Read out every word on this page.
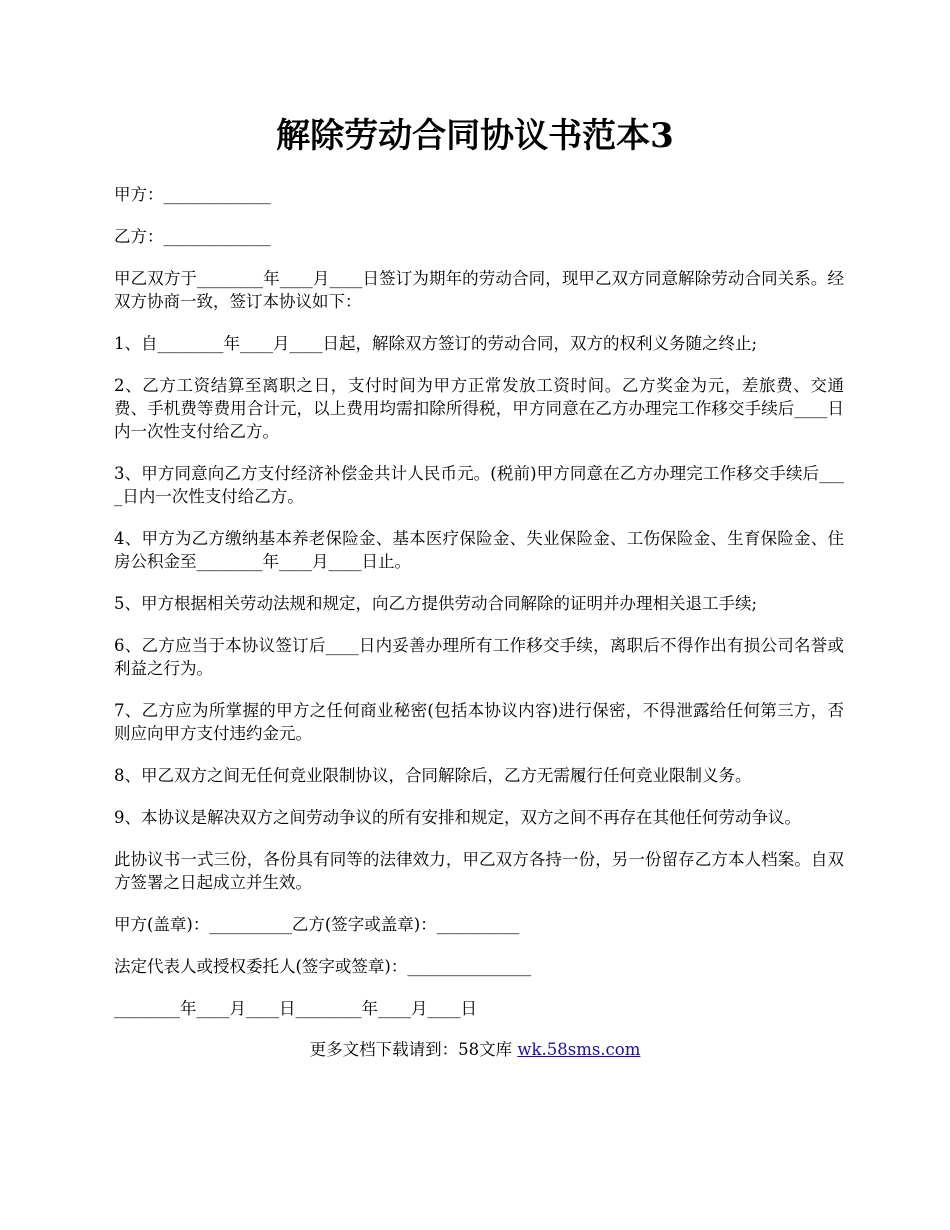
解除劳动合同协议书范本3

甲方：_____________

乙方：_____________

甲乙双方于________年____月____日签订为期年的劳动合同，现甲乙双方同意解除劳动合同关系。经双方协商一致，签订本协议如下：

1、自________年____月____日起，解除双方签订的劳动合同，双方的权利义务随之终止;

2、乙方工资结算至离职之日，支付时间为甲方正常发放工资时间。乙方奖金为元，差旅费、交通费、手机费等费用合计元，以上费用均需扣除所得税，甲方同意在乙方办理完工作移交手续后____日内一次性支付给乙方。

3、甲方同意向乙方支付经济补偿金共计人民币元。(税前)甲方同意在乙方办理完工作移交手续后____日内一次性支付给乙方。

4、甲方为乙方缴纳基本养老保险金、基本医疗保险金、失业保险金、工伤保险金、生育保险金、住房公积金至________年____月____日止。

5、甲方根据相关劳动法规和规定，向乙方提供劳动合同解除的证明并办理相关退工手续;

6、乙方应当于本协议签订后____日内妥善办理所有工作移交手续，离职后不得作出有损公司名誉或利益之行为。

7、乙方应为所掌握的甲方之任何商业秘密(包括本协议内容)进行保密，不得泄露给任何第三方，否则应向甲方支付违约金元。

8、甲乙双方之间无任何竞业限制协议，合同解除后，乙方无需履行任何竞业限制义务。

9、本协议是解决双方之间劳动争议的所有安排和规定，双方之间不再存在其他任何劳动争议。

此协议书一式三份，各份具有同等的法律效力，甲乙双方各持一份，另一份留存乙方本人档案。自双方签署之日起成立并生效。

甲方(盖章)：__________乙方(签字或盖章)：__________

法定代表人或授权委托人(签字或签章)：_______________

________年____月____日________年____月____日

更多文档下载请到：58文库 wk.58sms.com
